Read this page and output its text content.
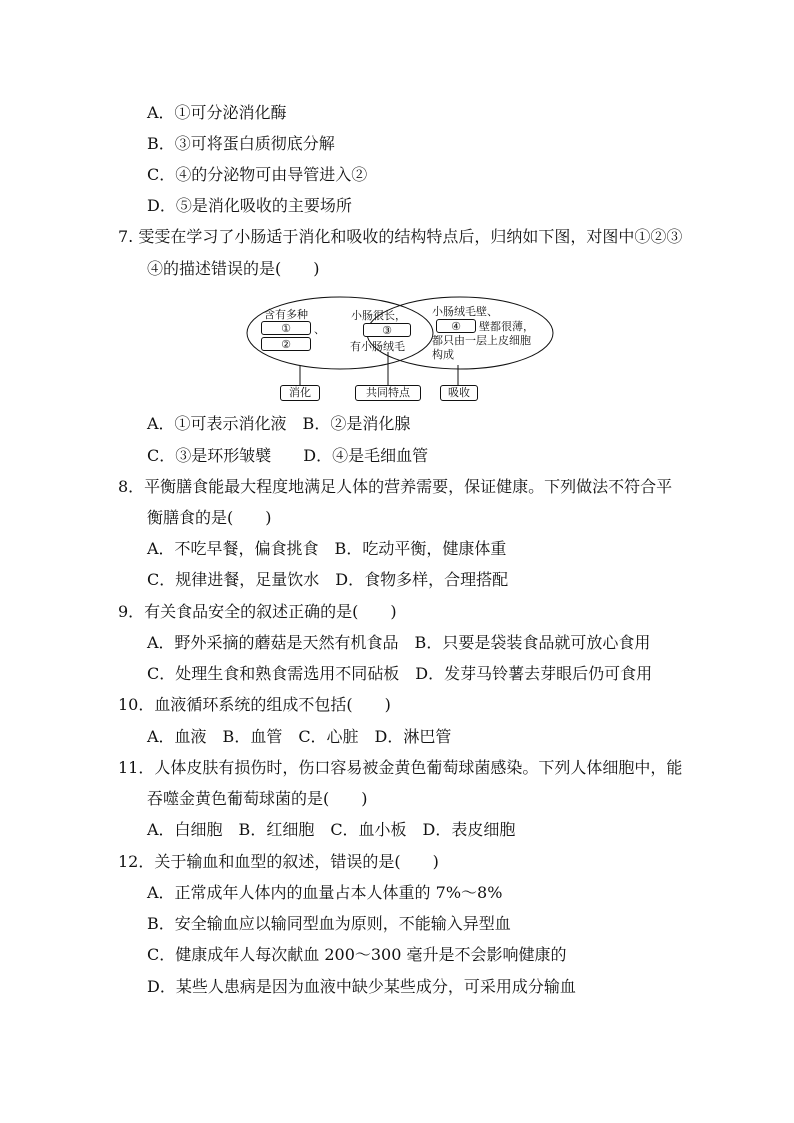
A．①可分泌消化酶
B．③可将蛋白质彻底分解
C．④的分泌物可由导管进入②
D．⑤是消化吸收的主要场所
7. 雯雯在学习了小肠适于消化和吸收的结构特点后，归纳如下图，对图中①②③
④的描述错误的是(　　)
含有多种
①	、
②
小肠很长，
③
有小肠绒毛
小肠绒毛壁、
④	壁都很薄，
都只由一层上皮细胞
构成
消化	共同特点	吸收
A．①可表示消化液　B．②是消化腺
C．③是环形皱襞　　D．④是毛细血管
8．平衡膳食能最大程度地满足人体的营养需要，保证健康。下列做法不符合平
衡膳食的是(　　)
A．不吃早餐，偏食挑食　B．吃动平衡，健康体重
C．规律进餐，足量饮水　D．食物多样，合理搭配
9．有关食品安全的叙述正确的是(　　)
A．野外采摘的蘑菇是天然有机食品　B．只要是袋装食品就可放心食用
C．处理生食和熟食需选用不同砧板　D．发芽马铃薯去芽眼后仍可食用
10．血液循环系统的组成不包括(　　)
A．血液　B．血管　C．心脏　D．淋巴管
11．人体皮肤有损伤时，伤口容易被金黄色葡萄球菌感染。下列人体细胞中，能
吞噬金黄色葡萄球菌的是(　　)
A．白细胞　B．红细胞　C．血小板　D．表皮细胞
12．关于输血和血型的叙述，错误的是(　　)
A．正常成年人体内的血量占本人体重的 7%～8%
B．安全输血应以输同型血为原则，不能输入异型血
C．健康成年人每次献血 200～300 毫升是不会影响健康的
D．某些人患病是因为血液中缺少某些成分，可采用成分输血
